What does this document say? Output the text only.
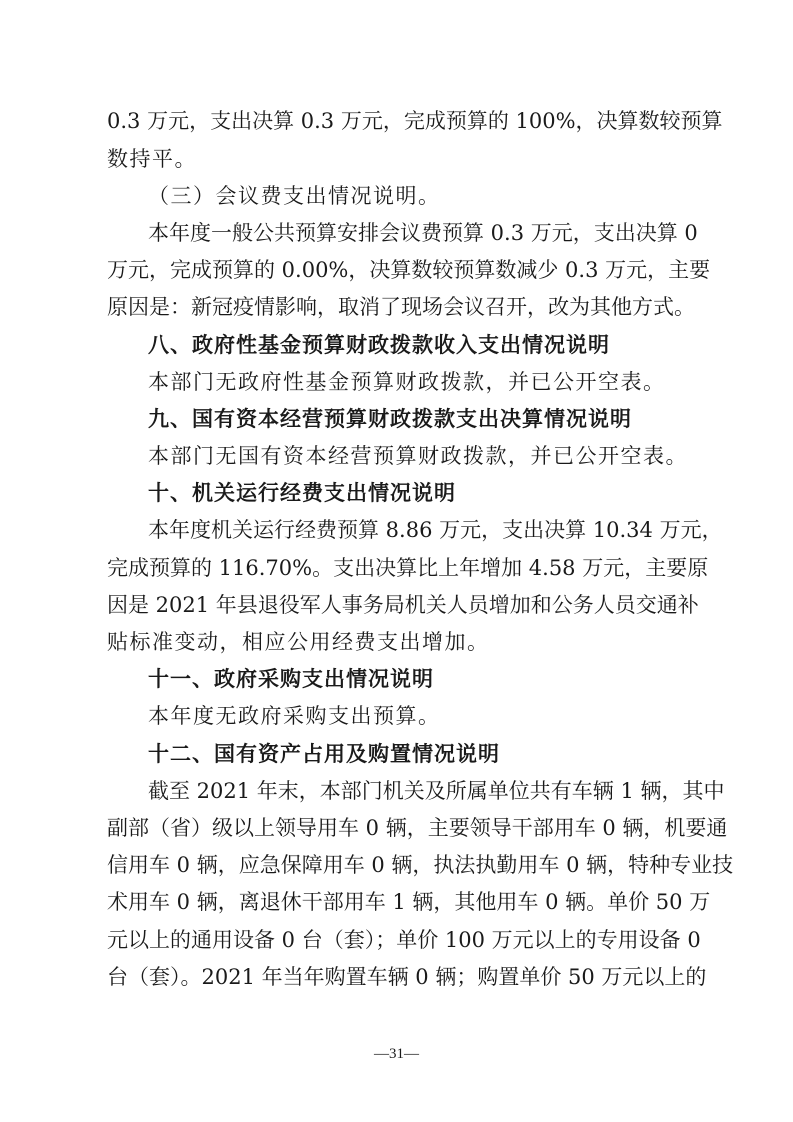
0.3 万元，支出决算 0.3 万元，完成预算的 100%，决算数较预算
数持平。
（三）会议费支出情况说明。
本年度一般公共预算安排会议费预算 0.3 万元，支出决算 0
万元，完成预算的 0.00%，决算数较预算数减少 0.3 万元，主要
原因是：新冠疫情影响，取消了现场会议召开，改为其他方式。
八、政府性基金预算财政拨款收入支出情况说明
本部门无政府性基金预算财政拨款，并已公开空表。
九、国有资本经营预算财政拨款支出决算情况说明
本部门无国有资本经营预算财政拨款，并已公开空表。
十、机关运行经费支出情况说明
本年度机关运行经费预算 8.86 万元，支出决算 10.34 万元，
完成预算的 116.70%。支出决算比上年增加 4.58 万元，主要原
因是 2021 年县退役军人事务局机关人员增加和公务人员交通补
贴标准变动，相应公用经费支出增加。
十一、政府采购支出情况说明
本年度无政府采购支出预算。
十二、国有资产占用及购置情况说明
截至 2021 年末，本部门机关及所属单位共有车辆 1 辆，其中
副部（省）级以上领导用车 0 辆，主要领导干部用车 0 辆，机要通
信用车 0 辆，应急保障用车 0 辆，执法执勤用车 0 辆，特种专业技
术用车 0 辆，离退休干部用车 1 辆，其他用车 0 辆。单价 50 万
元以上的通用设备 0 台（套）；单价 100 万元以上的专用设备 0
台（套）。2021 年当年购置车辆 0 辆；购置单价 50 万元以上的
—31—
